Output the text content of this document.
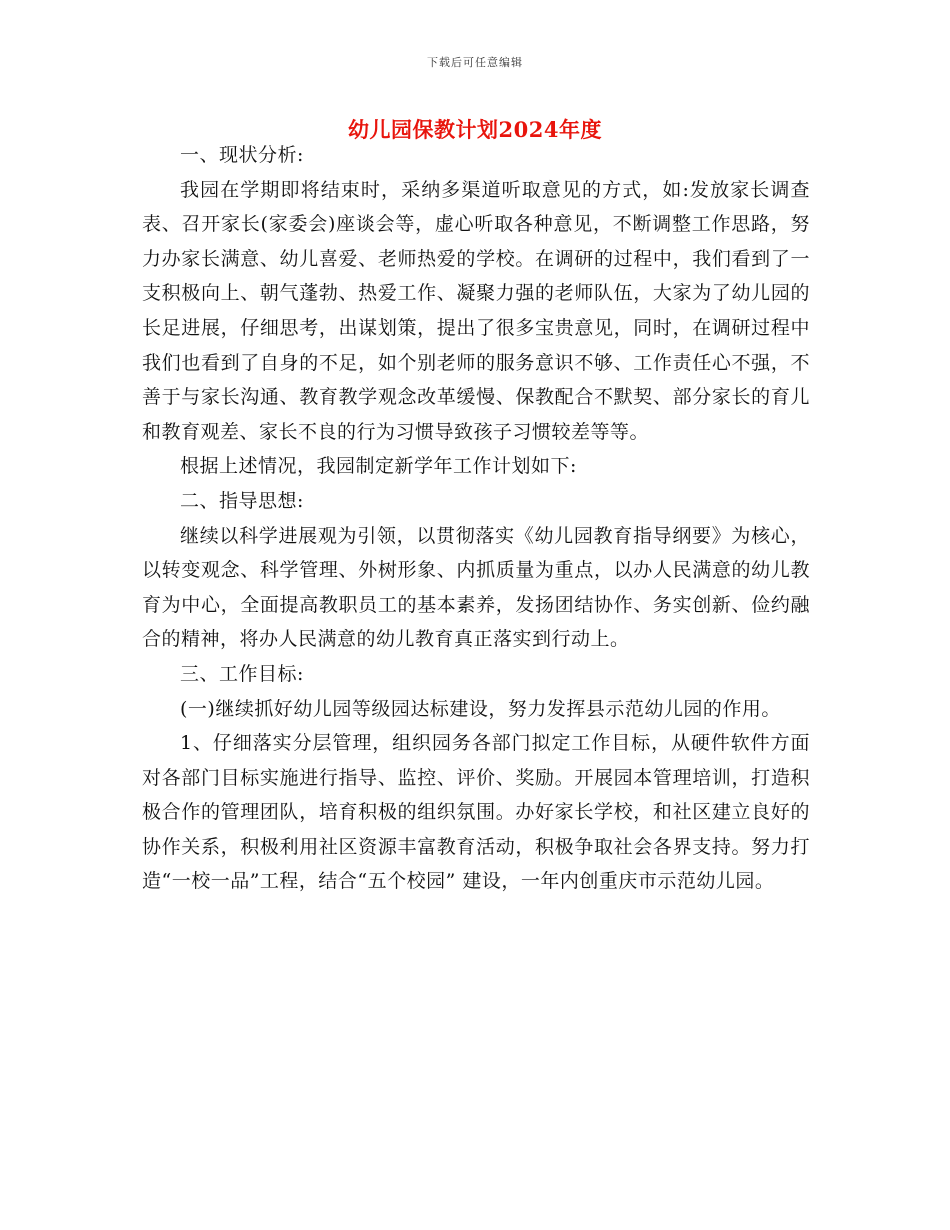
下载后可任意编辑
幼儿园保教计划2024年度

一、现状分析:

我园在学期即将结束时，采纳多渠道听取意见的方式，如:发放家长调查表、召开家长(家委会)座谈会等，虚心听取各种意见，不断调整工作思路，努力办家长满意、幼儿喜爱、老师热爱的学校。在调研的过程中，我们看到了一支积极向上、朝气蓬勃、热爱工作、凝聚力强的老师队伍，大家为了幼儿园的长足进展，仔细思考，出谋划策，提出了很多宝贵意见，同时，在调研过程中我们也看到了自身的不足，如个别老师的服务意识不够、工作责任心不强，不善于与家长沟通、教育教学观念改革缓慢、保教配合不默契、部分家长的育儿和教育观差、家长不良的行为习惯导致孩子习惯较差等等。

根据上述情况，我园制定新学年工作计划如下:

二、指导思想:

继续以科学进展观为引领，以贯彻落实《幼儿园教育指导纲要》为核心，以转变观念、科学管理、外树形象、内抓质量为重点，以办人民满意的幼儿教育为中心，全面提高教职员工的基本素养，发扬团结协作、务实创新、俭约融合的精神，将办人民满意的幼儿教育真正落实到行动上。

三、工作目标:

(一)继续抓好幼儿园等级园达标建设，努力发挥县示范幼儿园的作用。

1、仔细落实分层管理，组织园务各部门拟定工作目标，从硬件软件方面对各部门目标实施进行指导、监控、评价、奖励。开展园本管理培训，打造积极合作的管理团队，培育积极的组织氛围。办好家长学校，和社区建立良好的协作关系，积极利用社区资源丰富教育活动，积极争取社会各界支持。努力打造“一校一品”工程，结合“五个校园” 建设，一年内创重庆市示范幼儿园。
